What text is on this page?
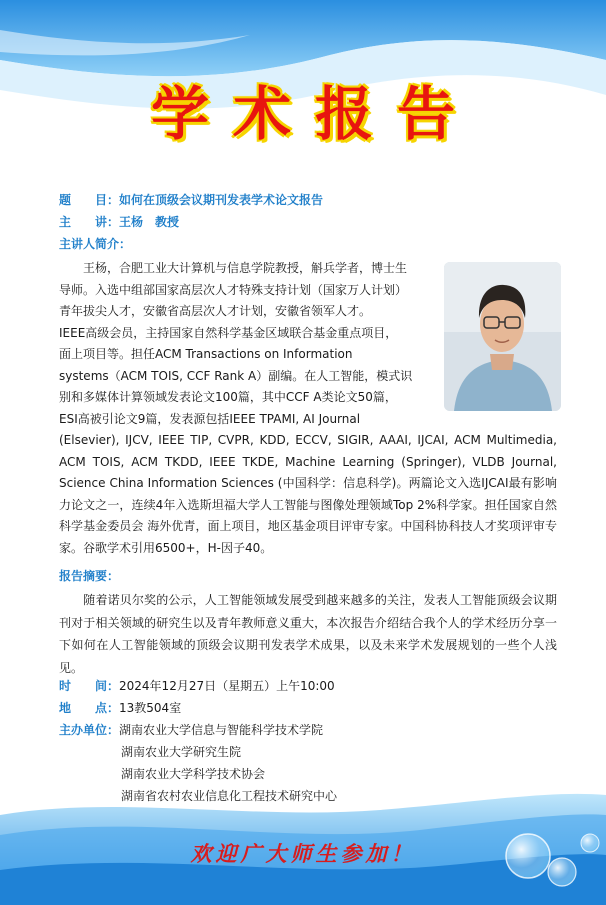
学术报告
题　　目：如何在顶级会议期刊发表学术论文报告
主　　讲：王杨　教授
主讲人简介：
　　王杨，合肥工业大计算机与信息学院教授，斛兵学者，博士生
导师。入选中组部国家高层次人才特殊支持计划（国家万人计划）
青年拔尖人才，安徽省高层次人才计划，安徽省领军人才。
IEEE高级会员，主持国家自然科学基金区域联合基金重点项目，
面上项目等。担任ACM Transactions on Information
systems（ACM TOIS, CCF Rank A）副编。在人工智能，模式识
别和多媒体计算领域发表论文100篇，其中CCF A类论文50篇，
ESI高被引论文9篇，发表源包括IEEE TPAMI, AI Journal
(Elsevier), IJCV, IEEE TIP, CVPR, KDD, ECCV, SIGIR, AAAI, IJCAI, ACM Multimedia, ACM TOIS, ACM TKDD, IEEE TKDE, Machine Learning (Springer), VLDB Journal, Science China Information Sciences (中国科学：信息科学)。两篇论文入选IJCAI最有影响力论文之一，连续4年入选斯坦福大学人工智能与图像处理领域Top 2%科学家。担任国家自然科学基金委员会 海外优青，面上项目，地区基金项目评审专家。中国科协科技人才奖项评审专家。谷歌学术引用6500+，H-因子40。
报告摘要：
　　随着诺贝尔奖的公示，人工智能领域发展受到越来越多的关注，发表人工智能顶级会议期刊对于相关领域的研究生以及青年教师意义重大，本次报告介绍结合我个人的学术经历分享一下如何在人工智能领域的顶级会议期刊发表学术成果，以及未来学术发展规划的一些个人浅见。
时　　间：2024年12月27日（星期五）上午10:00
地　　点：13教504室
主办单位：湖南农业大学信息与智能科学技术学院
湖南农业大学研究生院
湖南农业大学科学技术协会
湖南省农村农业信息化工程技术研究中心
欢迎广大师生参加！
